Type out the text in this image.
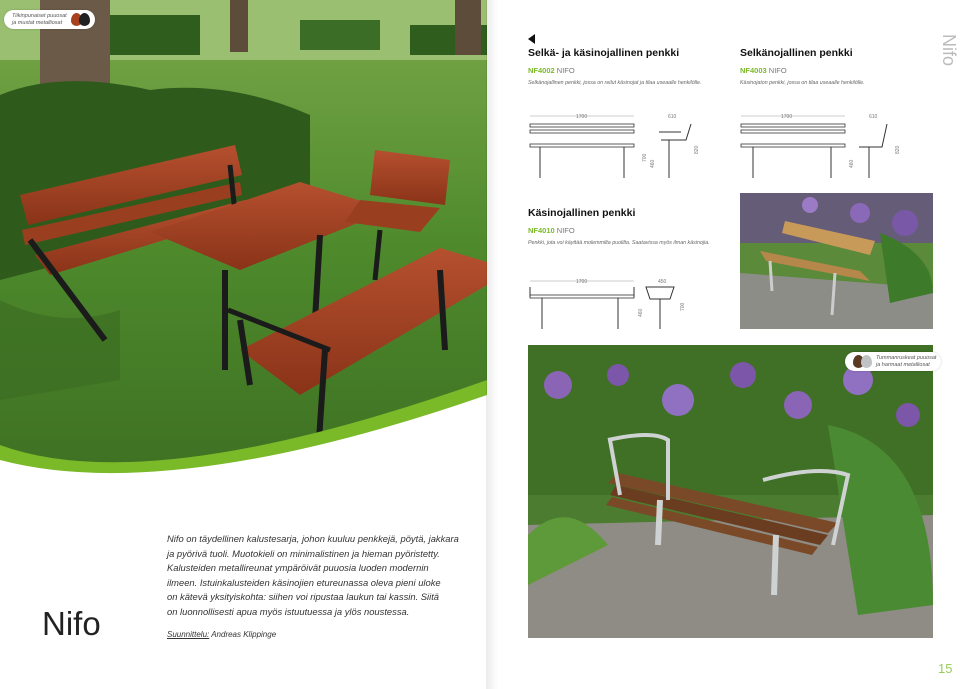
Tiikinpunaiset puuosat
ja mustat metalliosat
Nifo on täydellinen kalustesarja, johon kuuluu penkkejä, pöytä, jakkara
ja pyörivä tuoli. Muotokieli on minimalistinen ja hieman pyöristetty.
Kalusteiden metallireunat ympäröivät puuosia luoden modernin
ilmeen. Istuinkalusteiden käsinojien etureunassa oleva pieni uloke
on kätevä yksityiskohta: siihen voi ripustaa laukun tai kassin. Siitä
on luonnollisesti apua myös istuutuessa ja ylös noustessa.
Suunnittelu: Andreas Klippinge
Nifo
Selkä- ja käsinojallinen penkki
NF4002 NIFO
Selkänojallinen penkki, jossa on reilut käsinojat ja tilaa useaalle henkilölle.
Selkänojallinen penkki
NF4003 NIFO
Käsinojaton penkki, jossa on tilaa useaalle henkilölle.
Nifo
1700
700
460
610
820
1700
460
610
820
Käsinojallinen penkki
NF4010 NIFO
Penkki, jota voi käyttää molemmilta puolilta. Saatavissa myös ilman käsinojia.
1700
460
450
700
Tummanruskeat puuosat
ja harmaat metalliosat
15
